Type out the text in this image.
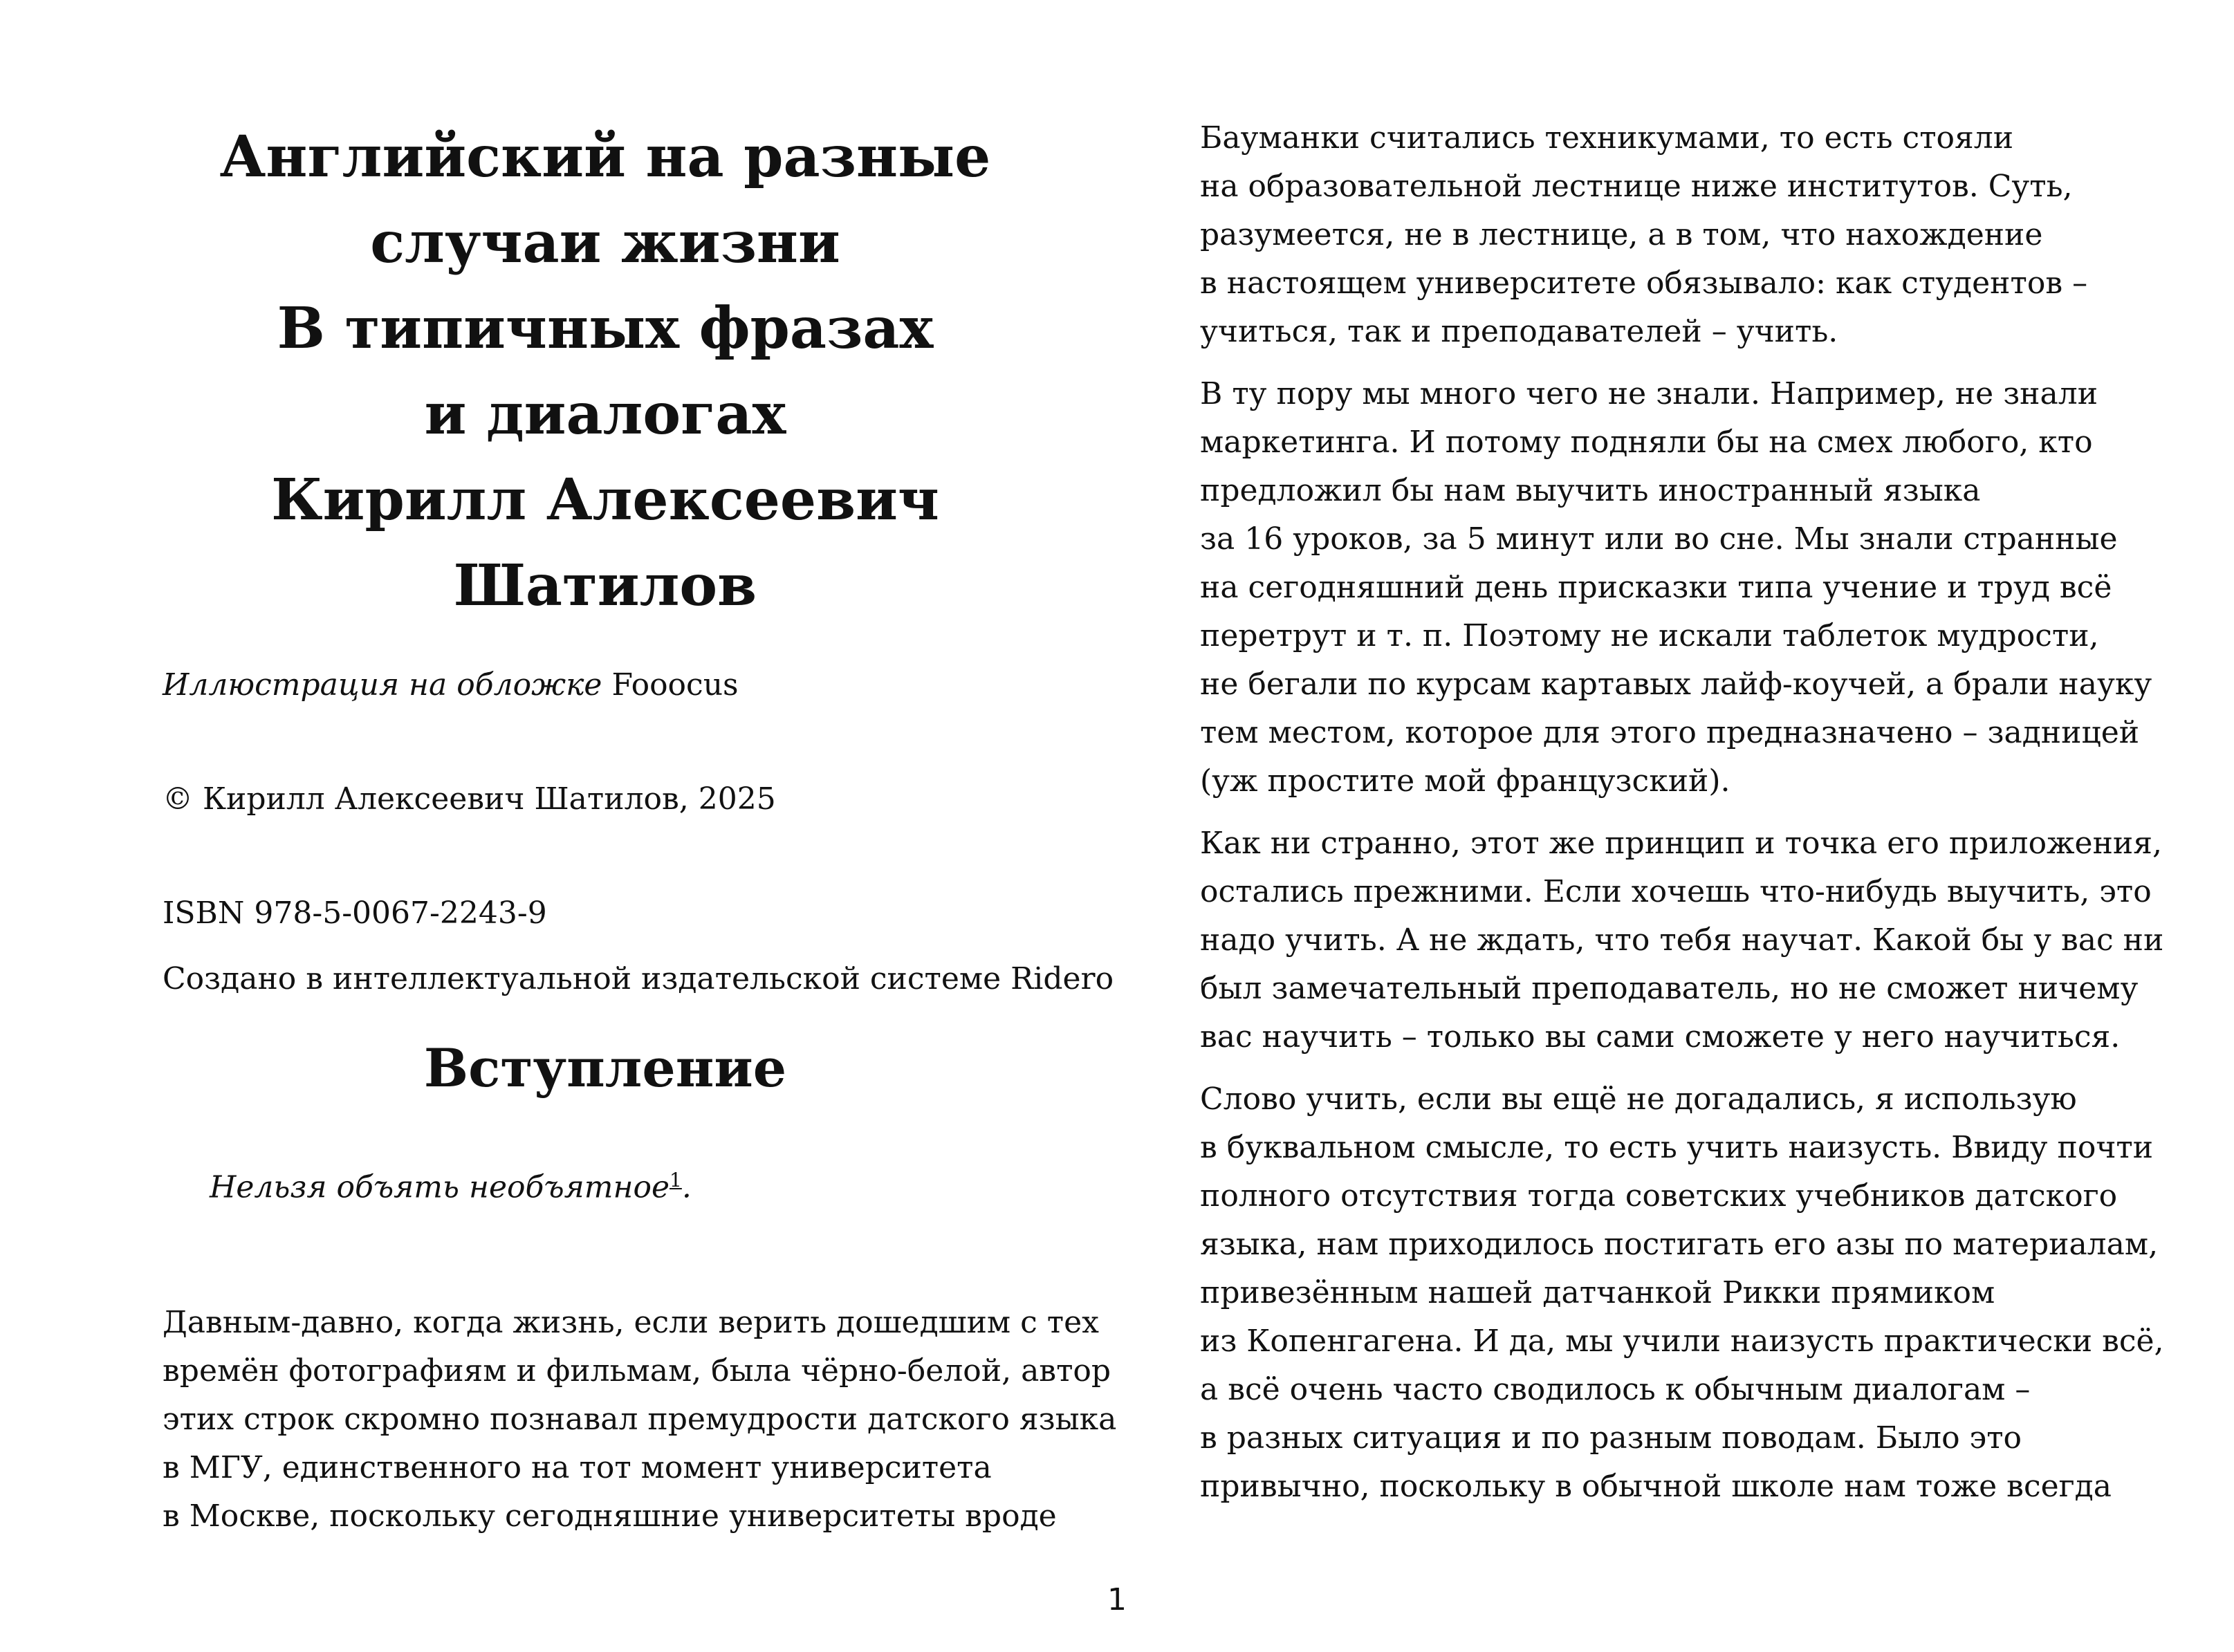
Английский на разные
случаи жизни
В типичных фразах
и диалогах
Кирилл Алексеевич
Шатилов
Иллюстрация на обложке Fooocus
© Кирилл Алексеевич Шатилов, 2025
ISBN 978-5-0067-2243-9
Создано в интеллектуальной издательской системе Ridero
Вступление
Нельзя объять необъятное$^1$.
Давным-давно, когда жизнь, если верить дошедшим с тех
времён фотографиям и фильмам, была чёрно-белой, автор
этих строк скромно познавал премудрости датского языка
в МГУ, единственного на тот момент университета
в Москве, поскольку сегодняшние университеты вроде
Бауманки считались техникумами, то есть стояли
на образовательной лестнице ниже институтов. Суть,
разумеется, не в лестнице, а в том, что нахождение
в настоящем университете обязывало: как студентов –
учиться, так и преподавателей – учить.
В ту пору мы много чего не знали. Например, не знали
маркетинга. И потому подняли бы на смех любого, кто
предложил бы нам выучить иностранный языка
за 16 уроков, за 5 минут или во сне. Мы знали странные
на сегодняшний день присказки типа учение и труд всё
перетрут и т. п. Поэтому не искали таблеток мудрости,
не бегали по курсам картавых лайф-коучей, а брали науку
тем местом, которое для этого предназначено – задницей
(уж простите мой французский).
Как ни странно, этот же принцип и точка его приложения,
остались прежними. Если хочешь что-нибудь выучить, это
надо учить. А не ждать, что тебя научат. Какой бы у вас ни
был замечательный преподаватель, но не сможет ничему
вас научить – только вы сами сможете у него научиться.
Слово учить, если вы ещё не догадались, я использую
в буквальном смысле, то есть учить наизусть. Ввиду почти
полного отсутствия тогда советских учебников датского
языка, нам приходилось постигать его азы по материалам,
привезённым нашей датчанкой Рикки прямиком
из Копенгагена. И да, мы учили наизусть практически всё,
а всё очень часто сводилось к обычным диалогам –
в разных ситуация и по разным поводам. Было это
привычно, поскольку в обычной школе нам тоже всегда
1
